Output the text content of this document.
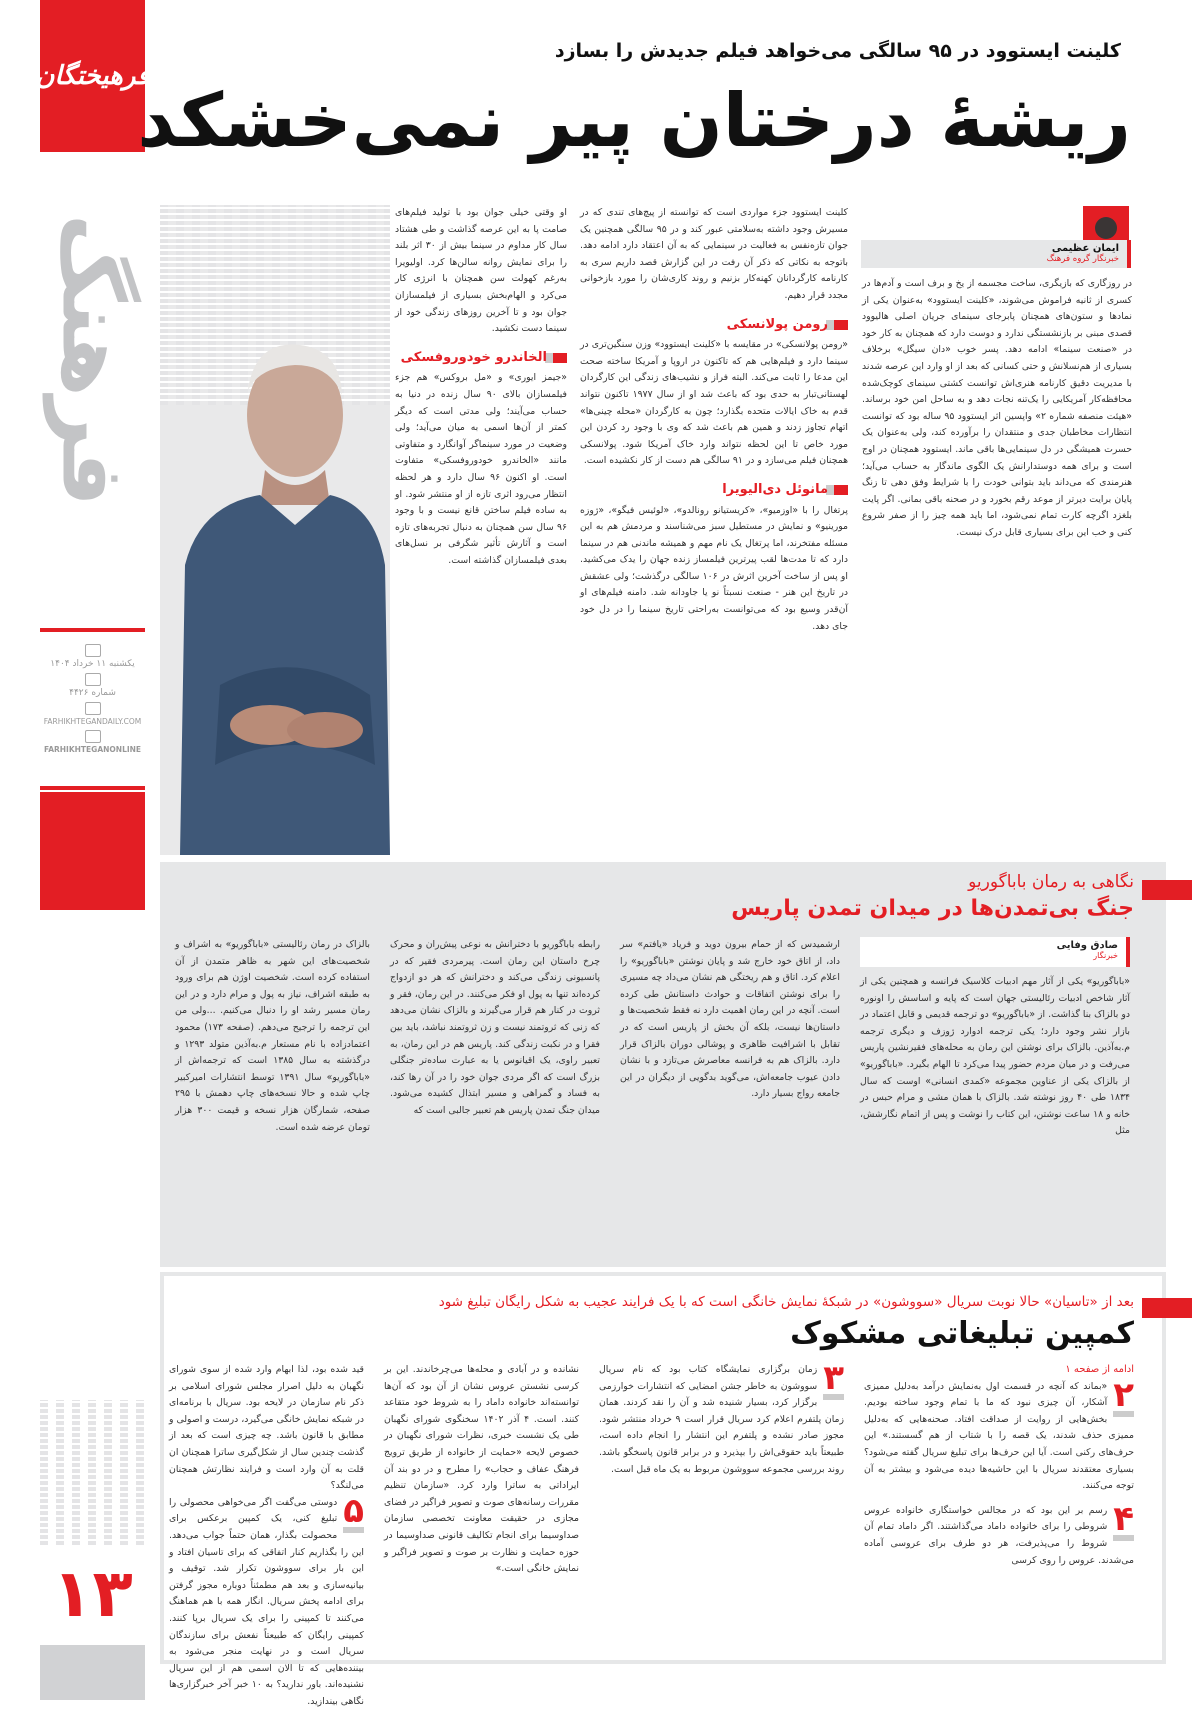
فرهیختگان
فرهنگ
یکشنبه ۱۱ خرداد ۱۴۰۴
شماره ۴۴۲۶
FARHIKHTEGANDAILY.COM
FARHIKHTEGANONLINE
۱۳
کلینت ایستوود در ۹۵ سالگی می‌خواهد فیلم جدیدش را بسازد
ریشهٔ درختان پیر نمی‌خشکد
ایمان عظیمی
خبرنگار گروه فرهنگ
در روزگاری که بازیگری، ساخت مجسمه از یخ و برف است و آدم‌ها در کسری از ثانیه فراموش می‌شوند، «کلینت ایستوود» به‌عنوان یکی از نمادها و ستون‌های همچنان پابرجای سینمای جریان اصلی هالیوود قصدی مبنی بر بازنشستگی ندارد و دوست دارد که همچنان به کار خود در «صنعت سینما» ادامه دهد. پسر خوب «دان سیگل» برخلاف بسیاری از هم‌نسلانش و حتی کسانی که بعد از او وارد این عرصه شدند با مدیریت دقیق کارنامه هنری‌اش توانست کشتی سینمای کوچک‌شده محافظه‌کار آمریکایی را یک‌تنه نجات دهد و به ساحل امن خود برساند. «هیئت منصفه شماره ۲» واپسین اثر ایستوود ۹۵ ساله بود که توانست انتظارات مخاطبان جدی و منتقدان را برآورده کند، ولی به‌عنوان یک حسرت همیشگی در دل سینمایی‌ها باقی ماند. ایستوود همچنان در اوج است و برای همه دوستدارانش یک الگوی ماندگار به حساب می‌آید؛ هنرمندی که می‌داند باید بتوانی خودت را با شرایط وفق دهی تا زنگ پایان برایت دیرتر از موعد رقم بخورد و در صحنه باقی بمانی. اگر پایت بلغزد اگرچه کارت تمام نمی‌شود، اما باید همه چیز را از صفر شروع کنی و خب این برای بسیاری قابل درک نیست.

کلینت ایستوود جزء مواردی است که توانسته از پیچ‌های تندی که در مسیرش وجود داشته به‌سلامتی عبور کند و در ۹۵ سالگی همچنین یک جوان تازه‌نفس به فعالیت در سینمایی که به آن اعتقاد دارد ادامه دهد. باتوجه به نکاتی که ذکر آن رفت در این گزارش قصد داریم سری به کارنامه کارگردانان کهنه‌کار بزنیم و روند کاری‌شان را مورد بازخوانی مجدد قرار دهیم.

رومن پولانسکی

«رومن پولانسکی» در مقایسه با «کلینت ایستوود» وزن سنگین‌تری در سینما دارد و فیلم‌هایی هم که تاکنون در اروپا و آمریکا ساخته صحت این مدعا را ثابت می‌کند. البته فراز و نشیب‌های زندگی این کارگردان لهستانی‌تبار به حدی بود که باعث شد او از سال ۱۹۷۷ تاکنون نتواند قدم به خاک ایالات متحده بگذارد؛ چون به کارگردان «محله چینی‌ها» اتهام تجاوز زدند و همین هم باعث شد که وی با وجود رد کردن این مورد خاص تا این لحظه نتواند وارد خاک آمریکا شود. پولانسکی همچنان فیلم می‌سازد و در ۹۱ سالگی هم دست از کار نکشیده است.

مانوئل دی‌الیویرا

پرتغال را با «اوزمیو»، «کریستیانو رونالدو»، «لوئیس فیگو»، «ژوزه مورینیو» و نمایش در مستطیل سبز می‌شناسند و مردمش هم به این مسئله مفتخرند، اما پرتغال یک نام مهم و همیشه ماندنی هم در سینما دارد که تا مدت‌ها لقب پیرترین فیلمساز زنده جهان را یدک می‌کشید. او پس از ساخت آخرین اثرش در ۱۰۶ سالگی درگذشت؛ ولی عشقش در تاریخ این هنر - صنعت نسبتاً نو یا جاودانه شد. دامنه فیلم‌های او آن‌قدر وسیع بود که می‌توانست به‌راحتی تاریخ سینما را در دل خود جای دهد.

او وقتی خیلی جوان بود با تولید فیلم‌های صامت پا به این عرصه گذاشت و طی هشتاد سال کار مداوم در سینما بیش از ۳۰ اثر بلند را برای نمایش روانه سالن‌ها کرد. اولیویرا به‌رغم کهولت سن همچنان با انرژی کار می‌کرد و الهام‌بخش بسیاری از فیلمسازان جوان بود و تا آخرین روزهای زندگی خود از سینما دست نکشید.

الخاندرو خودوروفسکی

«جیمز ایوری» و «مل بروکس» هم جزء فیلمسازان بالای ۹۰ سال زنده در دنیا به حساب می‌آیند؛ ولی مدتی است که دیگر کمتر از آن‌ها اسمی به میان می‌آید؛ ولی وضعیت در مورد سینماگر آوانگارد و متفاوتی مانند «الخاندرو خودوروفسکی» متفاوت است. او اکنون ۹۶ سال دارد و هر لحظه انتظار می‌رود اثری تازه از او منتشر شود. او به ساده فیلم ساختن قانع نیست و با وجود ۹۶ سال سن همچنان به دنبال تجربه‌های تازه است و آثارش تأثیر شگرفی بر نسل‌های بعدی فیلمسازان گذاشته است.

نگاهی به رمان باباگوریو
جنگ بی‌تمدن‌ها در میدان تمدن پاریس
صادق وفایی
خبرنگار
«باباگوریو» یکی از آثار مهم ادبیات کلاسیک فرانسه و همچنین یکی از آثار شاخص ادبیات رئالیستی جهان است که پایه و اساسش را اونوره دو بالزاک بنا گذاشت. از «باباگوریو» دو ترجمه قدیمی و قابل اعتماد در بازار نشر وجود دارد؛ یکی ترجمه ادوارد ژوزف و دیگری ترجمه م.به‌آذین. بالزاک برای نوشتن این رمان به محله‌های فقیرنشین پاریس می‌رفت و در میان مردم حضور پیدا می‌کرد تا الهام بگیرد. «باباگوریو» از بالزاک یکی از عناوین مجموعه «کمدی انسانی» اوست که سال ۱۸۳۴ طی ۴۰ روز نوشته شد. بالزاک با همان مشی و مرام حبس در خانه و ۱۸ ساعت نوشتن، این کتاب را نوشت و پس از اتمام نگارشش، مثل
ارشمیدس که از حمام بیرون دوید و فریاد «یافتم» سر داد، از اتاق خود خارج شد و پایان نوشتن «باباگوریو» را اعلام کرد. اتاق و هم ریختگی هم نشان می‌داد چه مسیری را برای نوشتن اتفاقات و حوادث داستانش طی کرده است. آنچه در این رمان اهمیت دارد نه فقط شخصیت‌ها و داستان‌ها نیست، بلکه آن بخش از پاریس است که در تقابل با اشرافیت ظاهری و پوشالی دوران بالزاک قرار دارد. بالزاک هم به فرانسه معاصرش می‌تازد و با نشان دادن عیوب جامعه‌اش، می‌گوید بدگویی از دیگران در این جامعه رواج بسیار دارد.
رابطه باباگوریو با دخترانش به نوعی پیش‌ران و محرک چرخ داستان این رمان است. پیرمردی فقیر که در پانسیونی زندگی می‌کند و دخترانش که هر دو ازدواج کرده‌اند تنها به پول او فکر می‌کنند. در این رمان، فقر و ثروت در کنار هم قرار می‌گیرند و بالزاک نشان می‌دهد که زنی که ثروتمند نیست و زن ثروتمند نباشد، باید بین فقرا و در نکبت زندگی کند. پاریس هم در این رمان، به تعبیر راوی، یک اقیانوس یا به عبارت ساده‌تر جنگلی بزرگ است که اگر مردی جوان خود را در آن رها کند، به فساد و گمراهی و مسیر ابتذال کشیده می‌شود. میدان جنگ تمدن پاریس هم تعبیر جالبی است که
بالزاک در رمان رئالیستی «باباگوریو» به اشراف و شخصیت‌های این شهر به ظاهر متمدن از آن استفاده کرده است. شخصیت اوژن هم برای ورود به طبقه اشراف، نیاز به پول و مرام دارد و در این رمان مسیر رشد او را دنبال می‌کنیم. ...ولی من این ترجمه را ترجیح می‌دهم. (صفحه ۱۷۳) محمود اعتمادزاده با نام مستعار م.به‌آذین متولد ۱۲۹۳ و درگذشته به سال ۱۳۸۵ است که ترجمه‌اش از «باباگوریو» سال ۱۳۹۱ توسط انتشارات امیرکبیر چاپ شده و حالا نسخه‌های چاپ دهمش با ۲۹۵ صفحه، شمارگان هزار نسخه و قیمت ۳۰۰ هزار تومان عرضه شده است.
بعد از «تاسیان» حالا نوبت سریال «سووشون» در شبکهٔ نمایش خانگی است که با یک فرایند عجیب به شکل رایگان تبلیغ شود
کمپین تبلیغاتی مشکوک
ادامه از صفحه ۱
۲

«بماند که آنچه در قسمت اول به‌نمایش درآمد به‌دلیل ممیزی آشکار، آن چیزی نبود که ما با تمام وجود ساخته بودیم. بخش‌هایی از روایت از صداقت افتاد. صحنه‌هایی که به‌دلیل ممیزی حذف شدند، یک قصه را با شتاب از هم گسستند.» این حرف‌های رکنی است. آیا این حرف‌ها برای تبلیغ سریال گفته می‌شود؟ بسیاری معتقدند سریال با این حاشیه‌ها دیده می‌شود و بیشتر به آن توجه می‌کنند.

۴

رسم بر این بود که در مجالس خواستگاری خانواده عروس شروطی را برای خانواده داماد می‌گذاشتند. اگر داماد تمام آن شروط را می‌پذیرفت، هر دو طرف برای عروسی آماده می‌شدند. عروس را روی کرسی

۳

زمان برگزاری نمایشگاه کتاب بود که نام سریال سووشون به خاطر جشن امضایی که انتشارات خوارزمی برگزار کرد، بسیار شنیده شد و آن را نقد کردند. همان زمان پلتفرم اعلام کرد سریال قرار است ۹ خرداد منتشر شود. مجوز صادر نشده و پلتفرم این انتشار را انجام داده است، طبیعتاً باید حقوقی‌اش را بپذیرد و در برابر قانون پاسخگو باشد. روند بررسی مجموعه سووشون مربوط به یک ماه قبل است.

نشانده و در آبادی و محله‌ها می‌چرخاندند. این بر کرسی نشستن عروس نشان از آن بود که آن‌ها توانسته‌اند خانواده داماد را به شروط خود متقاعد کنند. است. ۴ آذر ۱۴۰۲ سخنگوی شورای نگهبان طی یک نشست خبری، نظرات شورای نگهبان در خصوص لایحه «حمایت از خانواده از طریق ترویج فرهنگ عفاف و حجاب» را مطرح و در دو بند آن ایراداتی به ساترا وارد کرد. «سازمان تنظیم مقررات رسانه‌های صوت و تصویر فراگیر در فضای مجازی در حقیقت معاونت تخصصی سازمان صداوسیما برای انجام تکالیف قانونی صداوسیما در حوزه حمایت و نظارت بر صوت و تصویر فراگیر و نمایش خانگی است.»

قید شده بود، لذا ابهام وارد شده از سوی شورای نگهبان به دلیل اصرار مجلس شورای اسلامی بر ذکر نام سازمان در لایحه بود. سریال با برنامه‌ای در شبکه نمایش خانگی می‌گیرد، درست و اصولی و مطابق با قانون باشد. چه چیزی است که بعد از گذشت چندین سال از شکل‌گیری ساترا همچنان ان قلت به آن وارد است و فرایند نظارتش همچنان می‌لنگد؟

۵

دوستی می‌گفت اگر می‌خواهی محصولی را تبلیغ کنی، یک کمپین برعکس برای محصولت بگذار، همان حتماً جواب می‌دهد. این را بگذاریم کنار اتفاقی که برای تاسیان افتاد و این بار برای سووشون تکرار شد. توقیف و بیانیه‌سازی و بعد هم مطمئناً دوباره مجوز گرفتن برای ادامه پخش سریال. انگار همه با هم هماهنگ می‌کنند تا کمپینی را برای یک سریال برپا کنند. کمپینی رایگان که طبیعتاً نفعش برای سازندگان سریال است و در نهایت منجر می‌شود به بیننده‌هایی که تا الان اسمی هم از این سریال نشنیده‌اند. باور ندارید؟ به ۱۰ خبر آخر خبرگزاری‌ها نگاهی بیندازید.
